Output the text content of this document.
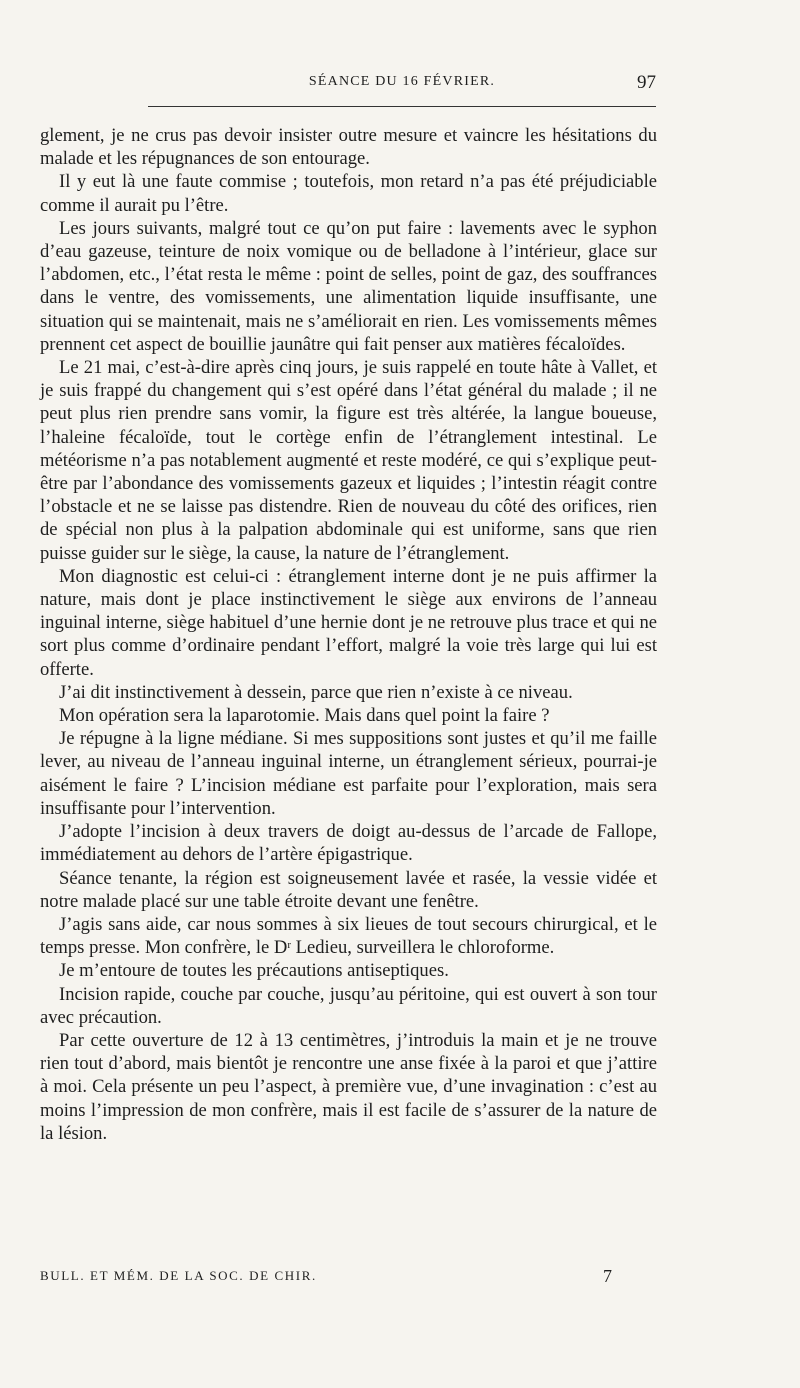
SÉANCE DU 16 FÉVRIER.	97

glement, je ne crus pas devoir insister outre mesure et vaincre les hésitations du malade et les répugnances de son entourage.

Il y eut là une faute commise ; toutefois, mon retard n’a pas été préjudiciable comme il aurait pu l’être.

Les jours suivants, malgré tout ce qu’on put faire : lavements avec le syphon d’eau gazeuse, teinture de noix vomique ou de belladone à l’intérieur, glace sur l’abdomen, etc., l’état resta le même : point de selles, point de gaz, des souffrances dans le ventre, des vomissements, une alimentation liquide insuffisante, une situation qui se maintenait, mais ne s’améliorait en rien. Les vomissements mêmes prennent cet aspect de bouillie jaunâtre qui fait penser aux matières fécaloïdes.

Le 21 mai, c’est-à-dire après cinq jours, je suis rappelé en toute hâte à Vallet, et je suis frappé du changement qui s’est opéré dans l’état général du malade ; il ne peut plus rien prendre sans vomir, la figure est très altérée, la langue boueuse, l’haleine fécaloïde, tout le cortège enfin de l’étranglement intestinal. Le météorisme n’a pas notablement augmenté et reste modéré, ce qui s’explique peut-être par l’abondance des vomissements gazeux et liquides ; l’intestin réagit contre l’obstacle et ne se laisse pas distendre. Rien de nouveau du côté des orifices, rien de spécial non plus à la palpation abdominale qui est uniforme, sans que rien puisse guider sur le siège, la cause, la nature de l’étranglement.

Mon diagnostic est celui-ci : étranglement interne dont je ne puis affirmer la nature, mais dont je place instinctivement le siège aux environs de l’anneau inguinal interne, siège habituel d’une hernie dont je ne retrouve plus trace et qui ne sort plus comme d’ordinaire pendant l’effort, malgré la voie très large qui lui est offerte.

J’ai dit instinctivement à dessein, parce que rien n’existe à ce niveau.

Mon opération sera la laparotomie. Mais dans quel point la faire ?

Je répugne à la ligne médiane. Si mes suppositions sont justes et qu’il me faille lever, au niveau de l’anneau inguinal interne, un étranglement sérieux, pourrai-je aisément le faire ? L’incision médiane est parfaite pour l’exploration, mais sera insuffisante pour l’intervention.

J’adopte l’incision à deux travers de doigt au-dessus de l’arcade de Fallope, immédiatement au dehors de l’artère épigastrique.

Séance tenante, la région est soigneusement lavée et rasée, la vessie vidée et notre malade placé sur une table étroite devant une fenêtre.

J’agis sans aide, car nous sommes à six lieues de tout secours chirurgical, et le temps presse. Mon confrère, le $D^r$ Ledieu, surveillera le chloroforme.

Je m’entoure de toutes les précautions antiseptiques.

Incision rapide, couche par couche, jusqu’au péritoine, qui est ouvert à son tour avec précaution.

Par cette ouverture de 12 à 13 centimètres, j’introduis la main et je ne trouve rien tout d’abord, mais bientôt je rencontre une anse fixée à la paroi et que j’attire à moi. Cela présente un peu l’aspect, à première vue, d’une invagination : c’est au moins l’impression de mon confrère, mais il est facile de s’assurer de la nature de la lésion.

BULL. ET MÉM. DE LA SOC. DE CHIR.	7
